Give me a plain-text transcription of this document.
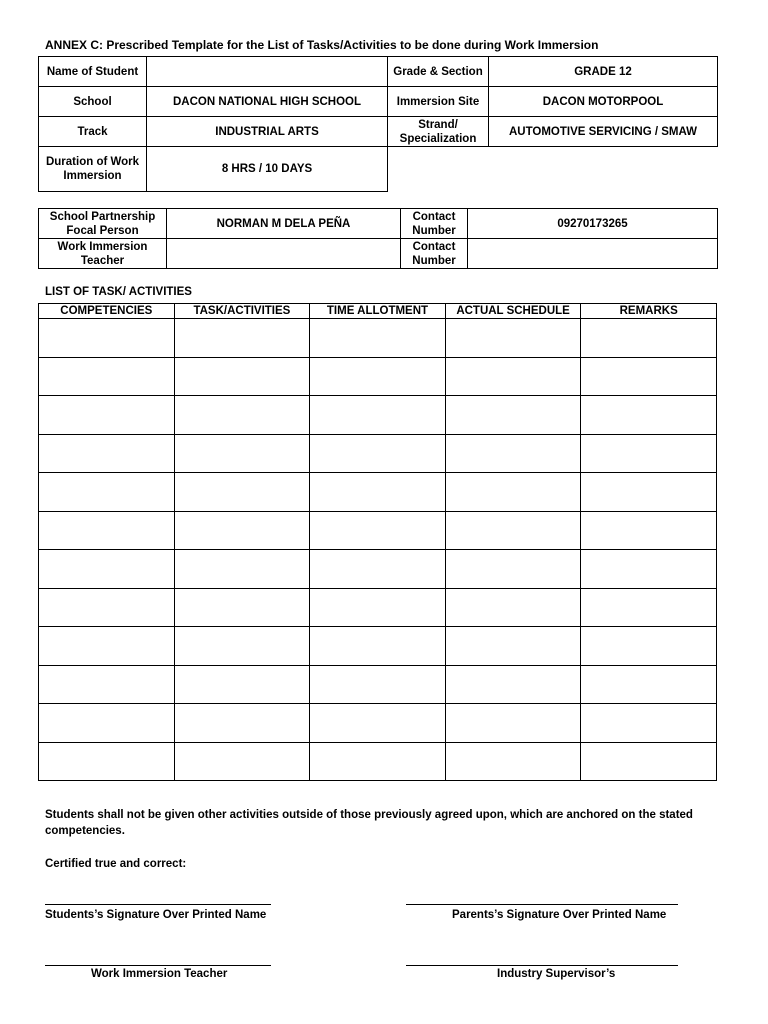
ANNEX C: Prescribed Template for the List of Tasks/Activities to be done during Work Immersion
Name of Student		Grade & Section	GRADE 12
School	DACON NATIONAL HIGH SCHOOL	Immersion Site	DACON MOTORPOOL
Track	INDUSTRIAL ARTS	Strand/ Specialization	AUTOMOTIVE SERVICING / SMAW
Duration of Work Immersion	8 HRS / 10 DAYS		
School Partnership Focal Person	NORMAN M DELA PEÑA	Contact Number	09270173265
Work Immersion Teacher		Contact Number	
LIST OF TASK/ ACTIVITIES
COMPETENCIES	TASK/ACTIVITIES	TIME ALLOTMENT	ACTUAL SCHEDULE	REMARKS

Students shall not be given other activities outside of those previously agreed upon, which are anchored on the stated competencies.
Certified true and correct:
Students’s Signature Over Printed Name	Parents’s Signature Over Printed Name
Work Immersion Teacher	Industry Supervisor’s
